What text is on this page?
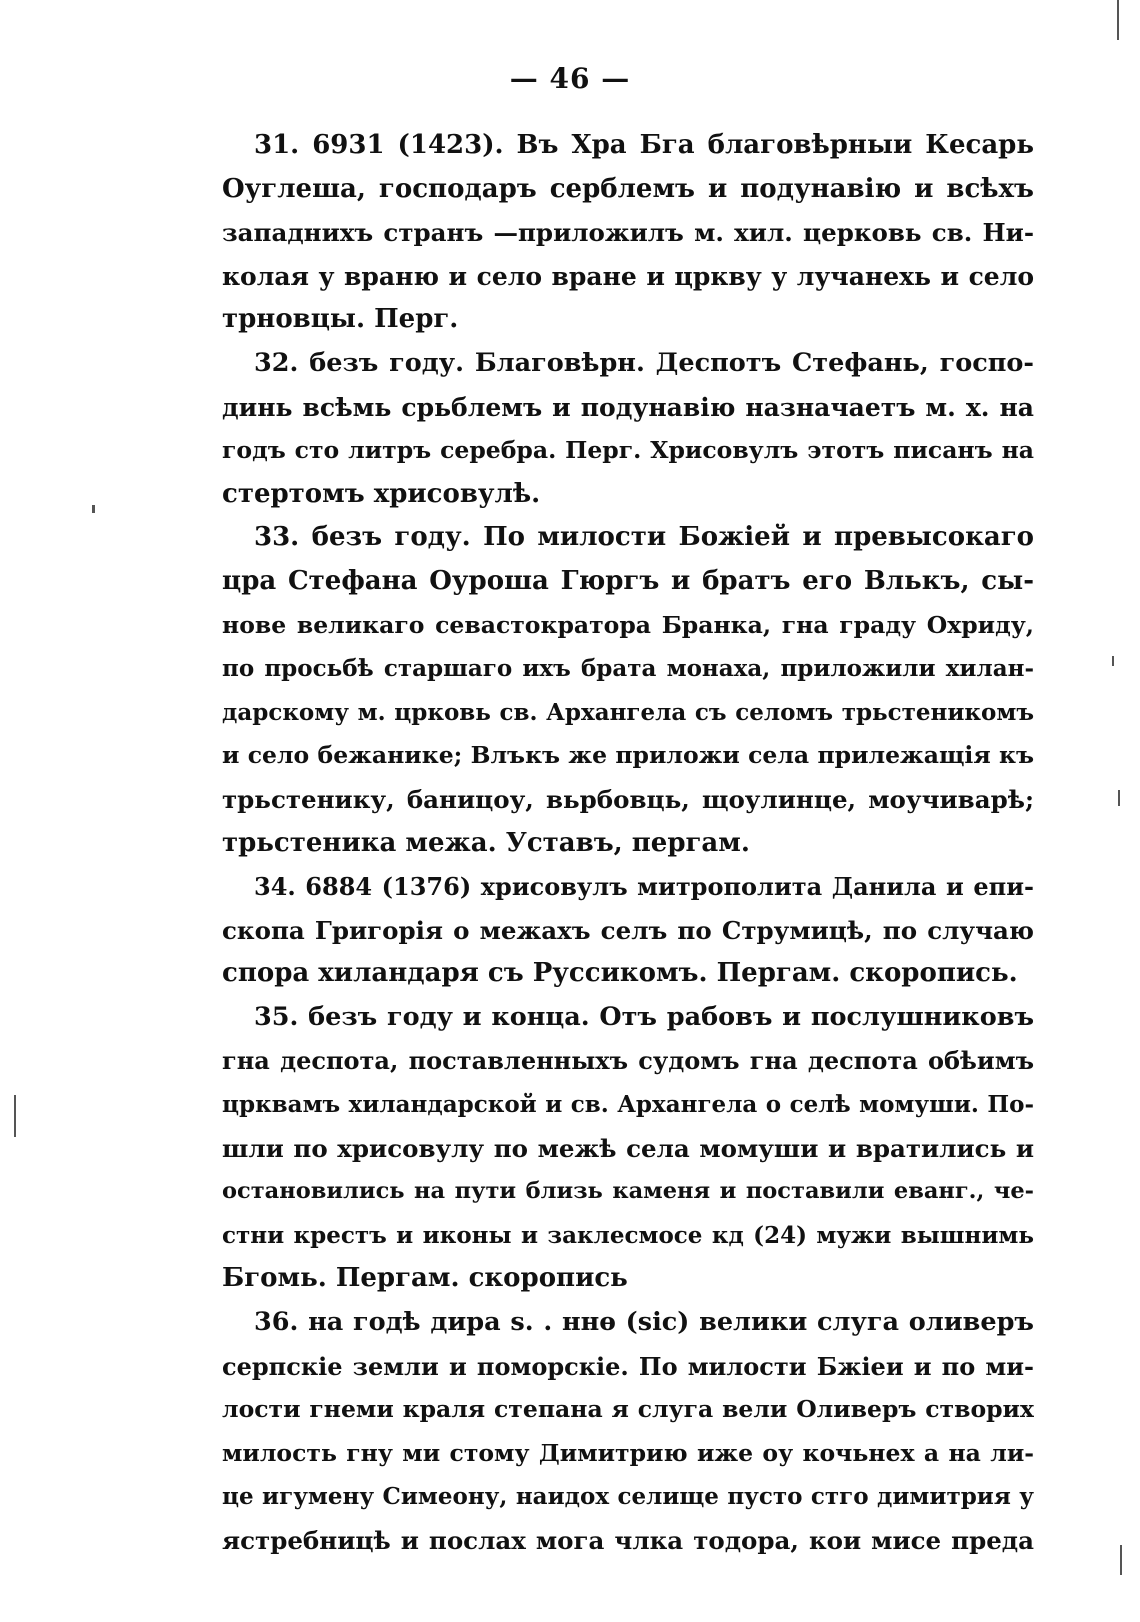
— 46 —
31. 6931 (1423). Въ Хра Бга благовѣрныи Кесарь
Оуглеша, господаръ серблемъ и подунавію и всѣхъ
западнихъ странъ —приложилъ м. хил. церковь св. Ни-
колая у враню и село вране и цркву у лучанехь и село
трновцы. Перг.
32. безъ году. Благовѣрн. Деспотъ Стефань, госпо-
динь всѣмь срьблемъ и подунавію назначаетъ м. х. на
годъ сто литръ серебра. Перг. Хрисовулъ этотъ писанъ на
стертомъ хрисовулѣ.
33. безъ году. По милости Божіей и превысокаго
цра Стефана Оуроша Гюргъ и братъ его Влькъ, сы-
нове великаго севастократора Бранка, гна граду Охриду,
по просьбѣ старшаго ихъ брата монаха, приложили хилан-
дарскому м. црковь св. Архангела съ селомъ трьстеникомъ
и село бежанике; Влъкъ же приложи села прилежащія къ
трьстенику, баницоу, вьрбовць, щоулинце, моучиварѣ;
трьстеника межа. Уставъ, пергам.
34. 6884 (1376) хрисовулъ митрополита Данила и епи-
скопа Григорія о межахъ селъ по Струмицѣ, по случаю
спора хиландаря съ Руссикомъ. Пергам. скоропись.
35. безъ году и конца. Отъ рабовъ и послушниковъ
гна деспота, поставленныхъ судомъ гна деспота обѣимъ
црквамъ хиландарской и св. Архангела о селѣ момуши. По-
шли по хрисовулу по межѣ села момуши и вратились и
остановились на пути близь каменя и поставили еванг., че-
стни крестъ и иконы и заклесмосе кд (24) мужи вышнимь
Бгомь. Пергам. скоропись
36. на годѣ дира ѕ. . ннѳ (sic) велики слуга оливеръ
серпскіе земли и поморскіе. По милости Бжіеи и по ми-
лости гнеми краля степана я слуга вели Оливеръ створих
милость гну ми стому Димитрию иже оу кочьнех а на ли-
це игумену Симеону, наидох селище пусто стго димитрия у
ястребницѣ и послах мога члка тодора, кои мисе преда
